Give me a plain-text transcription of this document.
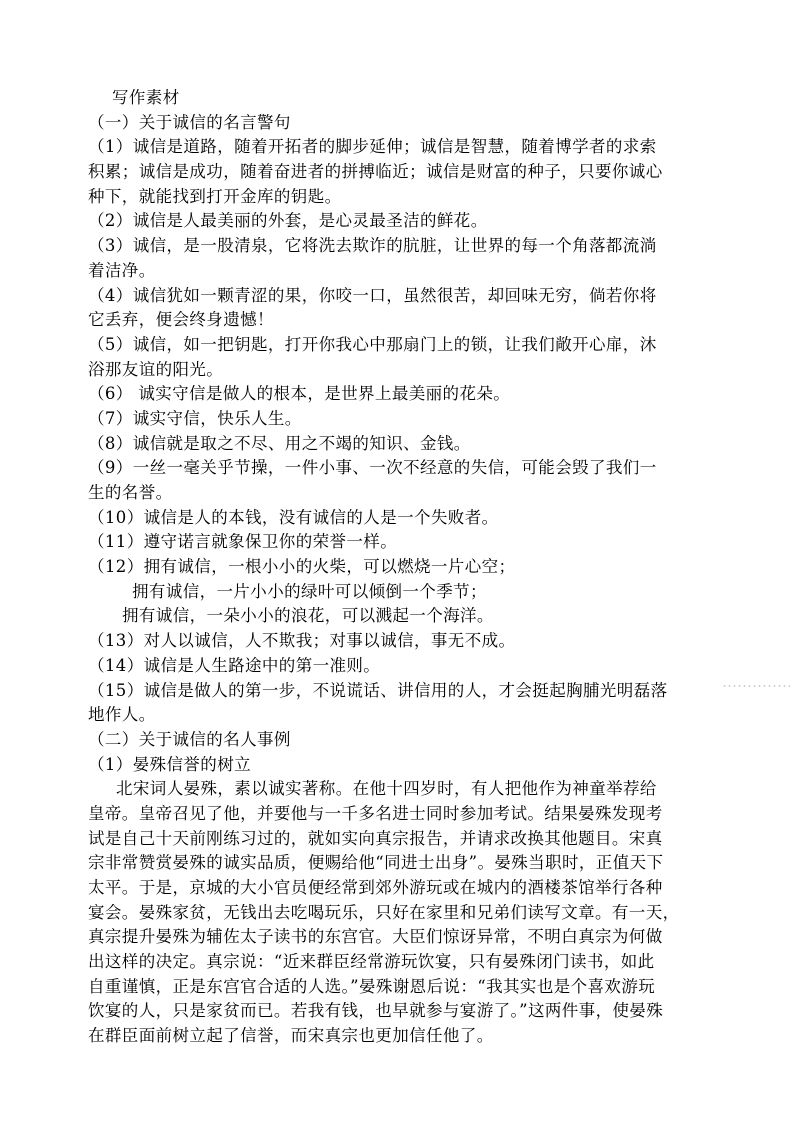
写作素材
（一）关于诚信的名言警句
（1）诚信是道路，随着开拓者的脚步延伸；诚信是智慧，随着博学者的求索
积累；诚信是成功，随着奋进者的拼搏临近；诚信是财富的种子，只要你诚心
种下，就能找到打开金库的钥匙。
（2）诚信是人最美丽的外套，是心灵最圣洁的鲜花。
（3）诚信，是一股清泉，它将洗去欺诈的肮脏，让世界的每一个角落都流淌
着洁净。
（4）诚信犹如一颗青涩的果，你咬一口，虽然很苦，却回味无穷，倘若你将
它丢弃，便会终身遗憾！
（5）诚信，如一把钥匙，打开你我心中那扇门上的锁，让我们敞开心扉，沐
浴那友谊的阳光。
（6） 诚实守信是做人的根本，是世界上最美丽的花朵。
（7）诚实守信，快乐人生。
（8）诚信就是取之不尽、用之不竭的知识、金钱。
（9）一丝一毫关乎节操，一件小事、一次不经意的失信，可能会毁了我们一
生的名誉。
（10）诚信是人的本钱，没有诚信的人是一个失败者。
（11）遵守诺言就象保卫你的荣誉一样。
（12）拥有诚信，一根小小的火柴，可以燃烧一片心空；
拥有诚信，一片小小的绿叶可以倾倒一个季节；
拥有诚信，一朵小小的浪花，可以溅起一个海洋。
（13）对人以诚信，人不欺我；对事以诚信，事无不成。
（14）诚信是人生路途中的第一准则。
（15）诚信是做人的第一步，不说谎话、讲信用的人，才会挺起胸脯光明磊落
地作人。
（二）关于诚信的名人事例
（1）晏殊信誉的树立
北宋词人晏殊，素以诚实著称。在他十四岁时，有人把他作为神童举荐给
皇帝。皇帝召见了他，并要他与一千多名进士同时参加考试。结果晏殊发现考
试是自己十天前刚练习过的，就如实向真宗报告，并请求改换其他题目。宋真
宗非常赞赏晏殊的诚实品质，便赐给他“同进士出身”。晏殊当职时，正值天下
太平。于是，京城的大小官员便经常到郊外游玩或在城内的酒楼茶馆举行各种
宴会。晏殊家贫，无钱出去吃喝玩乐，只好在家里和兄弟们读写文章。有一天，
真宗提升晏殊为辅佐太子读书的东宫官。大臣们惊讶异常，不明白真宗为何做
出这样的决定。真宗说：“近来群臣经常游玩饮宴，只有晏殊闭门读书，如此
自重谨慎，正是东宫官合适的人选。”晏殊谢恩后说：“我其实也是个喜欢游玩
饮宴的人，只是家贫而已。若我有钱，也早就参与宴游了。”这两件事，使晏殊
在群臣面前树立起了信誉，而宋真宗也更加信任他了。
